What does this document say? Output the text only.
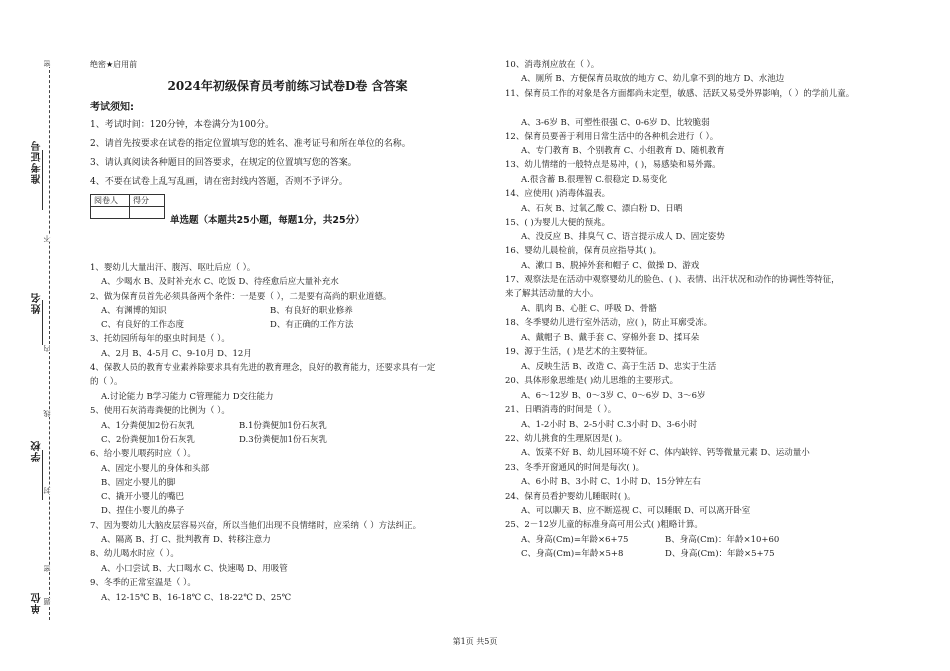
准考证号
姓名
学校
单位
密
不
内
线
封
密
题
绝密★启用前
2024年初级保育员考前练习试卷D卷 含答案
考试须知:
1、考试时间：120分钟，本卷满分为100分。
2、请首先按要求在试卷的指定位置填写您的姓名、准考证号和所在单位的名称。
3、请认真阅读各种题目的回答要求，在规定的位置填写您的答案。
4、不要在试卷上乱写乱画，请在密封线内答题，否则不予评分。
阅卷人	得分

单选题（本题共25小题，每题1分，共25分）
1、婴幼儿大量出汗、腹泻、呕吐后应（ ）。
A、少喝水 B、及时补充水 C、吃饭 D、待痊愈后应大量补充水
2、做为保育员首先必须具备两个条件：一是要（ ），二是要有高尚的职业道德。
A、有渊博的知识	B、有良好的职业修养
C、有良好的工作态度	D、有正确的工作方法
3、托幼园所每年的驱虫时间是（ ）。
A、2月 B、4-5月 C、9-10月 D、12月
4、保教人员的教育专业素养除要求具有先进的教育理念，良好的教育能力，还要求具有一定
的（ ）。
A.讨论能力 B学习能力 C管理能力 D交往能力
5、使用石灰消毒粪便的比例为（ ）。
A、1分粪便加2份石灰乳	B.1份粪便加1份石灰乳
C、2份粪便加1份石灰乳	D.3份粪便加1份石灰乳
6、给小婴儿喂药时应（ ）。
A、固定小婴儿的身体和头部
B、固定小婴儿的脚
C、撬开小婴儿的嘴巴
D、捏住小婴儿的鼻子
7、因为婴幼儿大脑皮层容易兴奋，所以当他们出现不良情绪时，应采纳（ ）方法纠正。
A、隔离 B、打 C、批判教育 D、转移注意力
8、幼儿喝水时应（ ）。
A、小口尝试 B、大口喝水 C、快速喝 D、用吸管
9、冬季的正常室温是（ ）。
A、12-15℃ B、16-18℃ C、18-22℃ D、25℃
10、消毒剂应放在（ ）。
A、厕所 B、方便保育员取放的地方 C、幼儿拿不到的地方 D、水池边
11、保育员工作的对象是各方面都尚未定型，敏感、活跃又易受外界影响，（ ）的学前儿童。
A、3-6岁 B、可塑性很强 C、0-6岁 D、比较脆弱
12、保育员要善于利用日常生活中的各种机会进行（ ）。
A、专门教育 B、个别教育 C、小组教育 D、随机教育
13、幼儿情绪的一般特点是易冲，( )，易感染和易外露。
A.很含蓄 B.很理智 C.很稳定 D.易变化
14、应使用( )消毒体温表。
A、石灰 B、过氧乙酸 C、漂白粉 D、日晒
15、( )为婴儿大便的预兆。
A、没反应 B、排臭气 C、语言提示成人 D、固定姿势
16、婴幼儿晨检前，保育员应指导其( )。
A、漱口 B、脱掉外套和帽子 C、做操 D、游戏
17、观察法是在活动中观察婴幼儿的脸色、( )、表情、出汗状况和动作的协调性等特征，
来了解其活动量的大小。
A、肌肉 B、心脏 C、呼吸 D、骨骼
18、冬季婴幼儿进行室外活动，应( )，防止耳廓受冻。
A、戴帽子 B、戴手套 C、穿棉外套 D、揉耳朵
19、源于生活，( )是艺术的主要特征。
A、反映生活 B、改造 C、高于生活 D、忠实于生活
20、具体形象思维是( )幼儿思维的主要形式。
A、6～12岁 B、0～3岁 C、0～6岁 D、3～6岁
21、日晒消毒的时间是（ ）。
A、1-2小时 B、2-5小时 C.3小时 D、3-6小时
22、幼儿挑食的生理原因是( )。
A、饭菜不好 B、幼儿园环境不好 C、体内缺锌、钙等微量元素 D、运动量小
23、冬季开窗通风的时间是每次( )。
A、6小时 B、3小时 C、1小时 D、15分钟左右
24、保育员看护婴幼儿睡眠时( )。
A、可以聊天 B、应不断巡视 C、可以睡眠 D、可以离开卧室
25、2－12岁儿童的标准身高可用公式( )粗略计算。
A、身高(Cm)=年龄×6+75	B、身高(Cm)：年龄×10+60
C、身高(Cm)=年龄×5+8	D、身高(Cm)：年龄×5+75
第1页 共5页
